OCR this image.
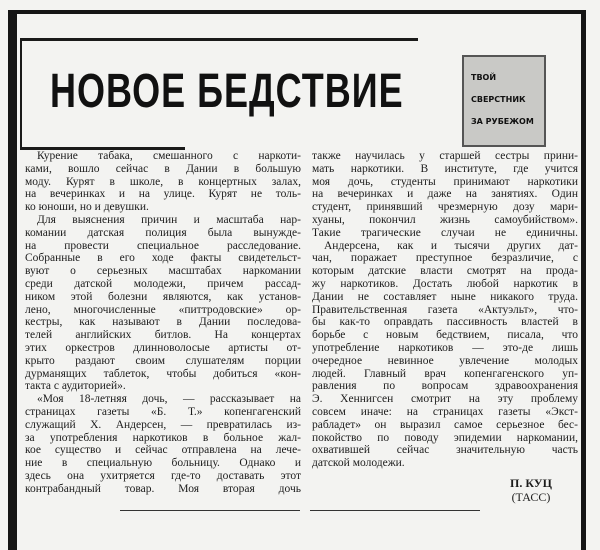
НОВОЕ БЕДСТВИЕ	ТВОЙ
СВЕРСТНИК
ЗА РУБЕЖОМ
Курение табака, смешанного с наркоти-
ками, вошло сейчас в Дании в большую
моду. Курят в школе, в концертных залах,
на вечеринках и на улице. Курят не толь-
ко юноши, но и девушки.
Для выяснения причин и масштаба нар-
комании датская полиция была вынужде-
на провести специальное расследование.
Собранные в его ходе факты свидетельст-
вуют о серьезных масштабах наркомании
среди датской молодежи, причем рассад-
ником этой болезни являются, как установ-
лено, многочисленные «питтродовские» ор-
кестры, как называют в Дании последова-
телей английских битлов. На концертах
этих оркестров длинноволосые артисты от-
крыто раздают своим слушателям порции
дурманящих таблеток, чтобы добиться «кон-
такта с аудиторией».
«Моя 18-летняя дочь, — рассказывает на
страницах газеты «Б. Т.» копенгагенский
служащий Х. Андерсен, — превратилась из-
за употребления наркотиков в больное жал-
кое существо и сейчас отправлена на лече-
ние в специальную больницу. Однако и
здесь она ухитряется где-то доставать этот
контрабандный товар. Моя вторая дочь
также научилась у старшей сестры прини-
мать наркотики. В институте, где учится
моя дочь, студенты принимают наркотики
на вечеринках и даже на занятиях. Один
студент, принявший чрезмерную дозу мари-
хуаны, покончил жизнь самоубийством».
Такие трагические случаи не единичны.
Андерсена, как и тысячи других дат-
чан, поражает преступное безразличие, с
которым датские власти смотрят на прода-
жу наркотиков. Достать любой наркотик в
Дании не составляет ныне никакого труда.
Правительственная газета «Актуэльт», что-
бы как-то оправдать пассивность властей в
борьбе с новым бедствием, писала, что
употребление наркотиков — это-де лишь
очередное невинное увлечение молодых
людей. Главный врач копенгагенского уп-
равления по вопросам здравоохранения
Э. Хеннигсен смотрит на эту проблему
совсем иначе: на страницах газеты «Экст-
рабладет» он выразил самое серьезное бес-
покойство по поводу эпидемии наркомании,
охватившей сейчас значительную часть
датской молодежи.
П. КУЦ
(ТАСС)
